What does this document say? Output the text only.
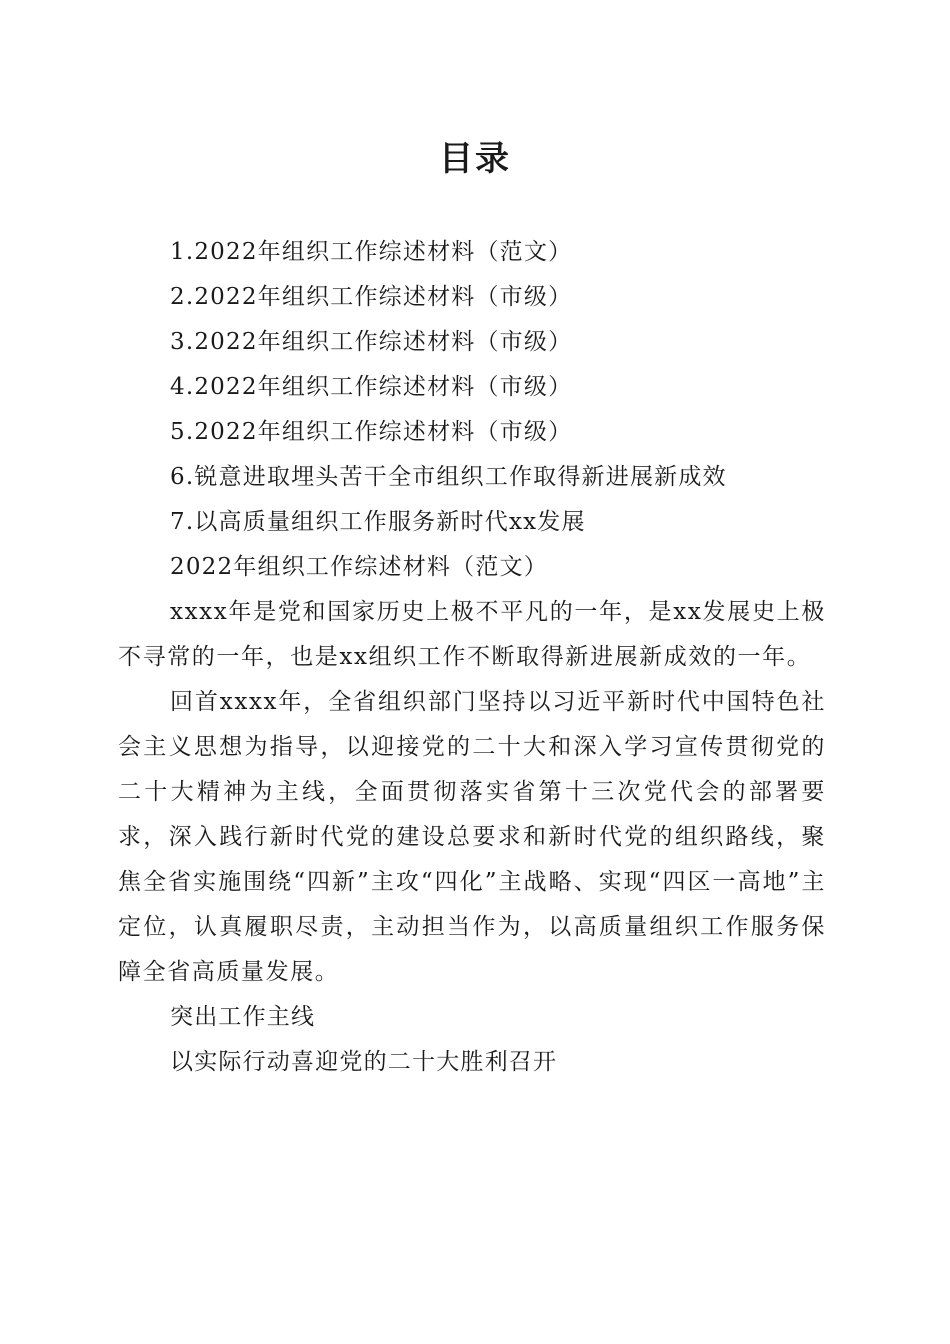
目录
1.2022年组织工作综述材料（范文）
2.2022年组织工作综述材料（市级）
3.2022年组织工作综述材料（市级）
4.2022年组织工作综述材料（市级）
5.2022年组织工作综述材料（市级）
6.锐意进取埋头苦干全市组织工作取得新进展新成效
7.以高质量组织工作服务新时代xx发展
2022年组织工作综述材料（范文）

xxxx年是党和国家历史上极不平凡的一年，是xx发展史上极不寻常的一年，也是xx组织工作不断取得新进展新成效的一年。

回首xxxx年，全省组织部门坚持以习近平新时代中国特色社会主义思想为指导，以迎接党的二十大和深入学习宣传贯彻党的二十大精神为主线，全面贯彻落实省第十三次党代会的部署要求，深入践行新时代党的建设总要求和新时代党的组织路线，聚焦全省实施围绕“四新”主攻“四化”主战略、实现“四区一高地”主定位，认真履职尽责，主动担当作为，以高质量组织工作服务保障全省高质量发展。

突出工作主线
以实际行动喜迎党的二十大胜利召开
